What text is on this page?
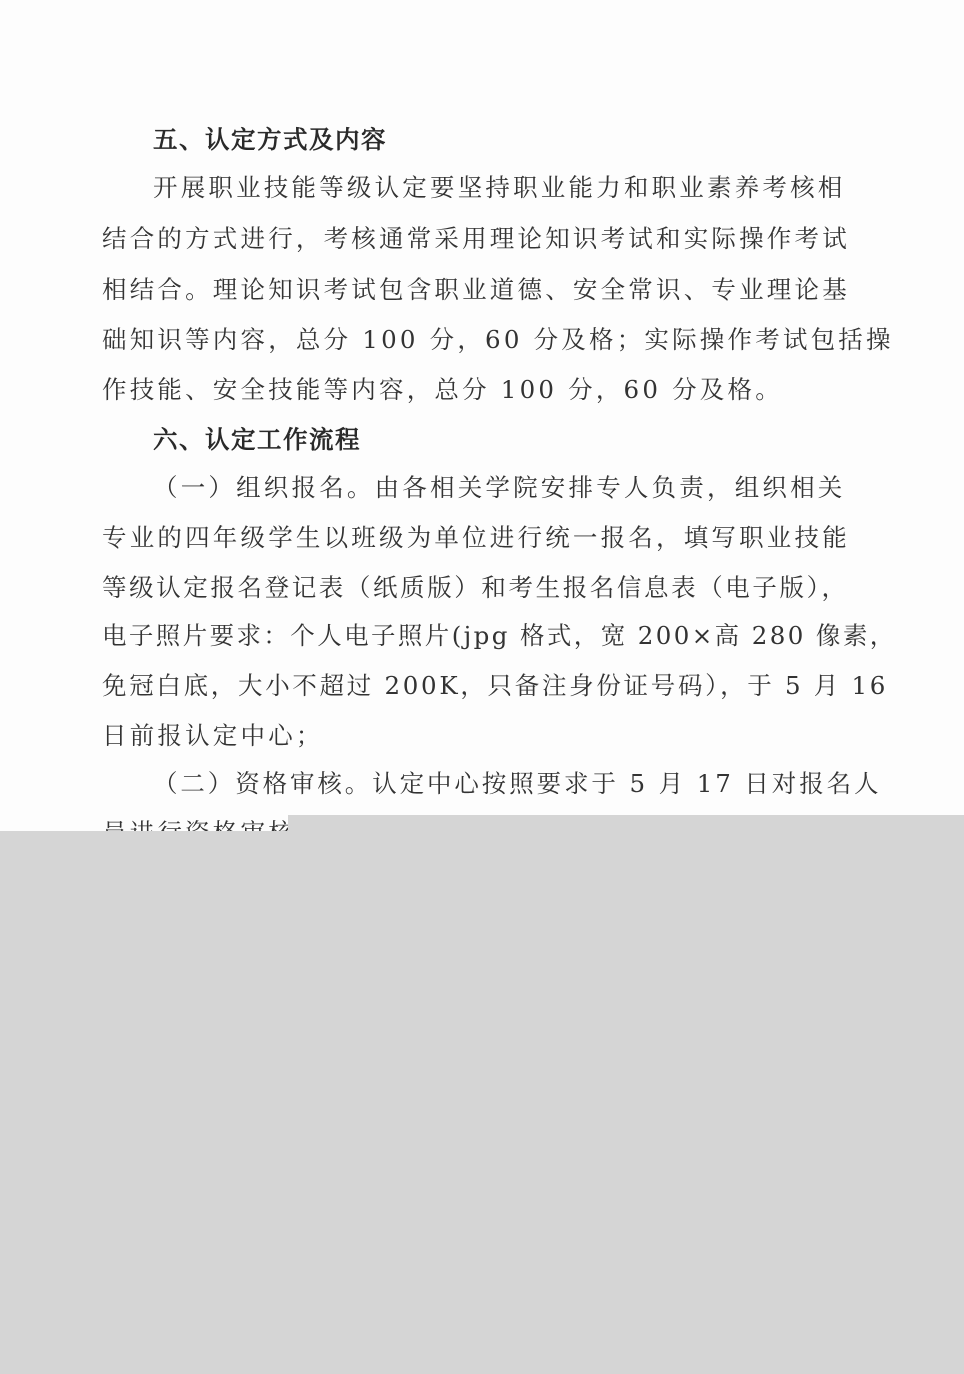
五、认定方式及内容
开展职业技能等级认定要坚持职业能力和职业素养考核相
结合的方式进行，考核通常采用理论知识考试和实际操作考试
相结合。理论知识考试包含职业道德、安全常识、专业理论基
础知识等内容，总分 100 分，60 分及格；实际操作考试包括操
作技能、安全技能等内容，总分 100 分，60 分及格。
六、认定工作流程
（一）组织报名。由各相关学院安排专人负责，组织相关
专业的四年级学生以班级为单位进行统一报名，填写职业技能
等级认定报名登记表（纸质版）和考生报名信息表（电子版），
电子照片要求：个人电子照片(jpg 格式，宽 200×高 280 像素，
免冠白底，大小不超过 200K，只备注身份证号码），于 5 月 16
日前报认定中心；
（二）资格审核。认定中心按照要求于 5 月 17 日对报名人
